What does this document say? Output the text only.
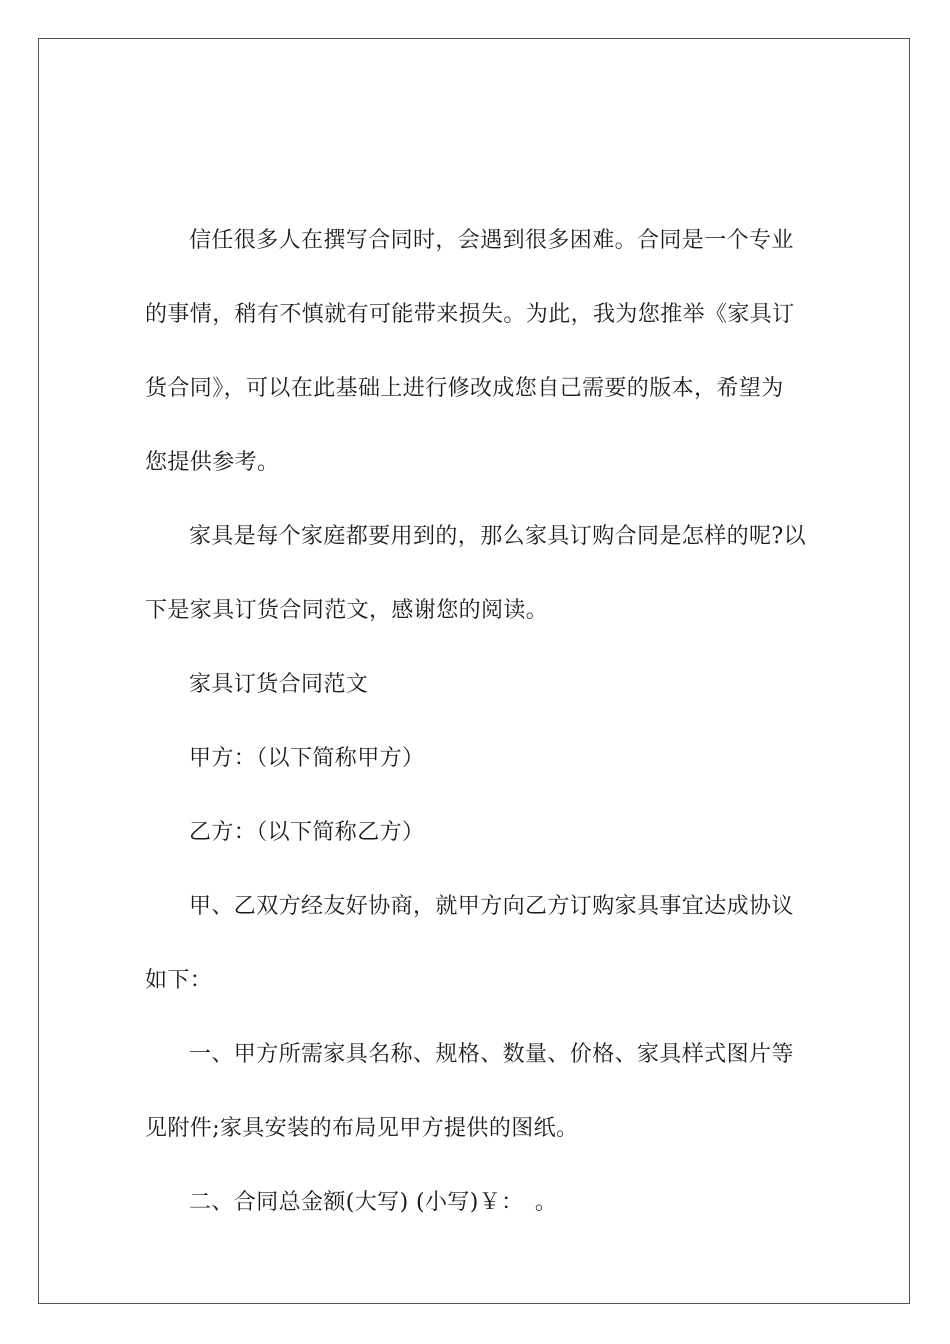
信任很多人在撰写合同时，会遇到很多困难。合同是一个专业
的事情，稍有不慎就有可能带来损失。为此，我为您推举《家具订
货合同》，可以在此基础上进行修改成您自己需要的版本，希望为
您提供参考。

家具是每个家庭都要用到的，那么家具订购合同是怎样的呢?以
下是家具订货合同范文，感谢您的阅读。

家具订货合同范文

甲方：（以下简称甲方）

乙方：（以下简称乙方）

甲、乙双方经友好协商，就甲方向乙方订购家具事宜达成协议
如下：

一、甲方所需家具名称、规格、数量、价格、家具样式图片等
见附件;家具安装的布局见甲方提供的图纸。

二、合同总金额(大写) (小写)￥：　。
